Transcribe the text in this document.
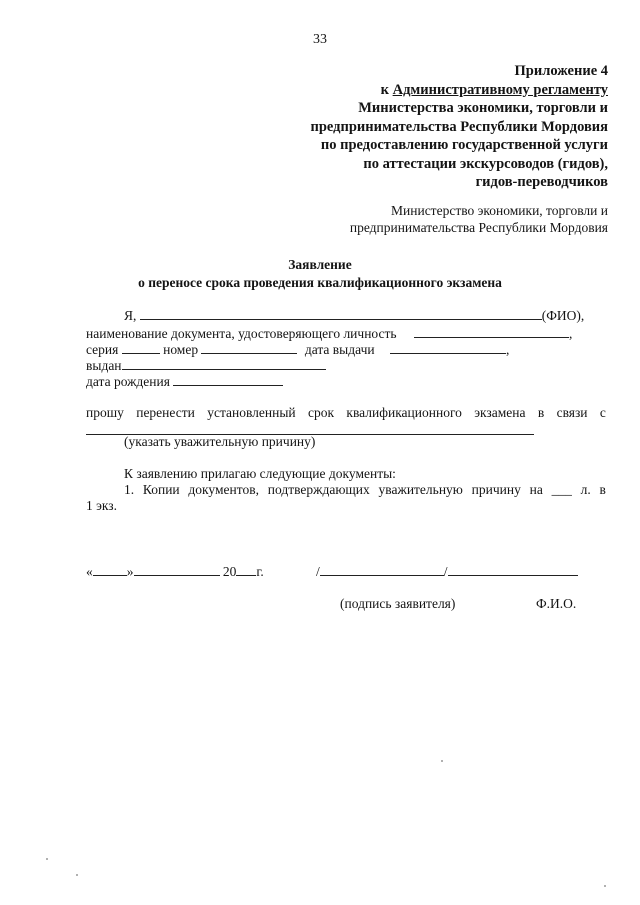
33
Приложение 4
к Административному регламенту
Министерства экономики, торговли и
предпринимательства Республики Мордовия
по предоставлению государственной услуги
по аттестации экскурсоводов (гидов),
гидов-переводчиков
Министерство экономики, торговли и
предпринимательства Республики Мордовия
Заявление
о переносе срока проведения квалификационного экзамена
Я,	(ФИО),
наименование документа, удостоверяющего личность	,
серия	номер	дата выдачи	,
выдан
дата рождения
прошу перенести установленный срок квалификационного экзамена в связи с
(указать уважительную причину)
К заявлению прилагаю следующие документы:
1. Копии документов, подтверждающих уважительную причину на ___ л. в
1 экз.
«	»	20 г.	/	/
(подпись заявителя)	Ф.И.О.
